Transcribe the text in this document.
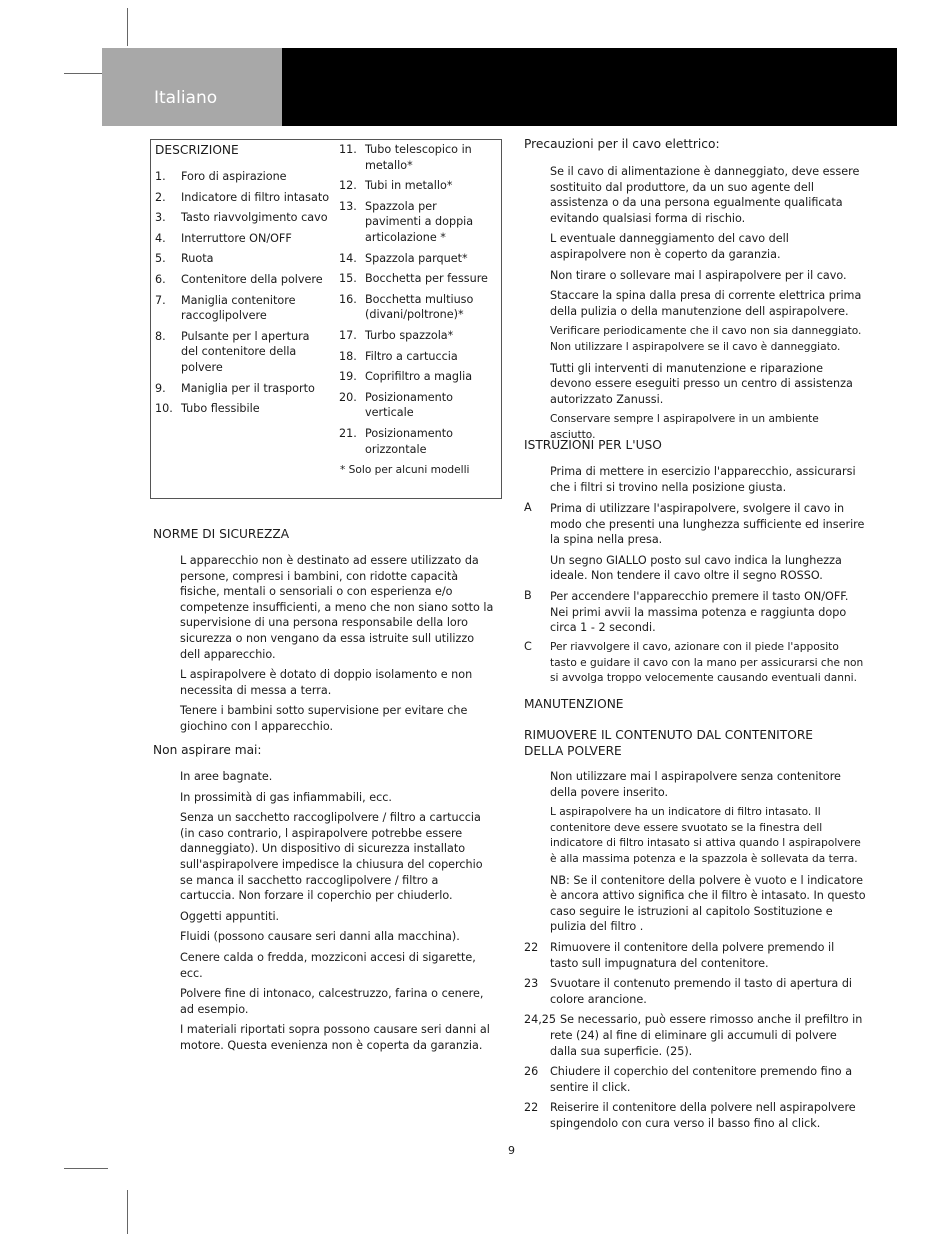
Italiano
DESCRIZIONE
1. Foro di aspirazione
2. Indicatore di filtro intasato
3. Tasto riavvolgimento cavo
4. Interruttore ON/OFF
5. Ruota
6. Contenitore della polvere
7. Maniglia contenitore raccoglipolvere
8. Pulsante per l apertura del contenitore della polvere
9. Maniglia per il trasporto
10. Tubo flessibile
11. Tubo telescopico in metallo*
12. Tubi in metallo*
13. Spazzola per pavimenti a doppia articolazione *
14. Spazzola parquet*
15. Bocchetta per fessure
16. Bocchetta multiuso (divani/poltrone)*
17. Turbo spazzola*
18. Filtro a cartuccia
19. Coprifiltro a maglia
20. Posizionamento verticale
21. Posizionamento orizzontale
* Solo per alcuni modelli
NORME DI SICUREZZA

L apparecchio non è destinato ad essere utilizzato da persone, compresi i bambini, con ridotte capacità fisiche, mentali o sensoriali o con esperienza e/o competenze insufficienti, a meno che non siano sotto la supervisione di una persona responsabile della loro sicurezza o non vengano da essa istruite sull utilizzo dell apparecchio.

L aspirapolvere è dotato di doppio isolamento e non necessita di messa a terra.

Tenere i bambini sotto supervisione per evitare che giochino con l apparecchio.

Non aspirare mai:

In aree bagnate.

In prossimità di gas infiammabili, ecc.

Senza un sacchetto raccoglipolvere / filtro a cartuccia (in caso contrario, l aspirapolvere potrebbe essere danneggiato). Un dispositivo di sicurezza installato sull'aspirapolvere impedisce la chiusura del coperchio se manca il sacchetto raccoglipolvere / filtro a cartuccia. Non forzare il coperchio per chiuderlo.

Oggetti appuntiti.

Fluidi (possono causare seri danni alla macchina).

Cenere calda o fredda, mozziconi accesi di sigarette, ecc.

Polvere fine di intonaco, calcestruzzo, farina o cenere, ad esempio.

I materiali riportati sopra possono causare seri danni al motore. Questa evenienza non è coperta da garanzia.

Precauzioni per il cavo elettrico:

Se il cavo di alimentazione è danneggiato, deve essere sostituito dal produttore, da un suo agente dell assistenza o da una persona egualmente qualificata evitando qualsiasi forma di rischio.

L eventuale danneggiamento del cavo dell aspirapolvere non è coperto da garanzia.

Non tirare o sollevare mai l aspirapolvere per il cavo.

Staccare la spina dalla presa di corrente elettrica prima della pulizia o della manutenzione dell aspirapolvere.

Verificare periodicamente che il cavo non sia danneggiato. Non utilizzare l aspirapolvere se il cavo è danneggiato.

Tutti gli interventi di manutenzione e riparazione devono essere eseguiti presso un centro di assistenza autorizzato Zanussi.

Conservare sempre l aspirapolvere in un ambiente asciutto.

ISTRUZIONI PER L'USO
Prima di mettere in esercizio l'apparecchio, assicurarsi che i filtri si trovino nella posizione giusta.
A Prima di utilizzare l'aspirapolvere, svolgere il cavo in modo che presenti una lunghezza sufficiente ed inserire la spina nella presa.

Un segno GIALLO posto sul cavo indica la lunghezza ideale. Non tendere il cavo oltre il segno ROSSO.

B Per accendere l'apparecchio premere il tasto ON/OFF. Nei primi avvii la massima potenza e raggiunta dopo circa 1 - 2 secondi.
C Per riavvolgere il cavo, azionare con il piede l'apposito tasto e guidare il cavo con la mano per assicurarsi che non si avvolga troppo velocemente causando eventuali danni.
MANUTENZIONE
RIMUOVERE IL CONTENUTO DAL CONTENITORE DELLA POLVERE

Non utilizzare mai l aspirapolvere senza contenitore della povere inserito.

L aspirapolvere ha un indicatore di filtro intasato. Il contenitore deve essere svuotato se la finestra dell indicatore di filtro intasato si attiva quando l aspirapolvere è alla massima potenza e la spazzola è sollevata da terra.

NB: Se il contenitore della polvere è vuoto e l indicatore è ancora attivo significa che il filtro è intasato. In questo caso seguire le istruzioni al capitolo Sostituzione e pulizia del filtro .

22 Rimuovere il contenitore della polvere premendo il tasto sull impugnatura del contenitore.
23 Svuotare il contenuto premendo il tasto di apertura di colore arancione.
24,25 Se necessario, può essere rimosso anche il prefiltro in rete (24) al fine di eliminare gli accumuli di polvere dalla sua superficie. (25).
26 Chiudere il coperchio del contenitore premendo fino a sentire il click.
22 Reiserire il contenitore della polvere nell aspirapolvere spingendolo con cura verso il basso fino al click.
9
